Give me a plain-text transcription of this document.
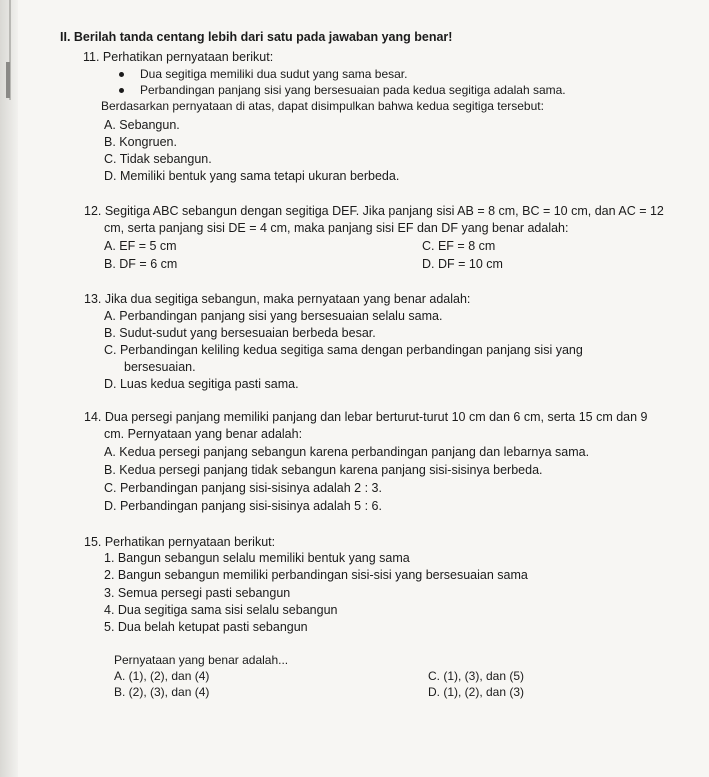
II. Berilah tanda centang lebih dari satu pada jawaban yang benar!
11. Perhatikan pernyataan berikut:
Dua segitiga memiliki dua sudut yang sama besar.
Perbandingan panjang sisi yang bersesuaian pada kedua segitiga adalah sama.
Berdasarkan pernyataan di atas, dapat disimpulkan bahwa kedua segitiga tersebut:
A. Sebangun.
B. Kongruen.
C. Tidak sebangun.
D. Memiliki bentuk yang sama tetapi ukuran berbeda.
12. Segitiga ABC sebangun dengan segitiga DEF. Jika panjang sisi AB = 8 cm, BC = 10 cm, dan AC = 12
cm, serta panjang sisi DE = 4 cm, maka panjang sisi EF dan DF yang benar adalah:
A. EF = 5 cm	C. EF = 8 cm
B. DF = 6 cm	D. DF = 10 cm
13. Jika dua segitiga sebangun, maka pernyataan yang benar adalah:
A. Perbandingan panjang sisi yang bersesuaian selalu sama.
B. Sudut-sudut yang bersesuaian berbeda besar.
C. Perbandingan keliling kedua segitiga sama dengan perbandingan panjang sisi yang
bersesuaian.
D. Luas kedua segitiga pasti sama.
14. Dua persegi panjang memiliki panjang dan lebar berturut-turut 10 cm dan 6 cm, serta 15 cm dan 9
cm. Pernyataan yang benar adalah:
A. Kedua persegi panjang sebangun karena perbandingan panjang dan lebarnya sama.
B. Kedua persegi panjang tidak sebangun karena panjang sisi-sisinya berbeda.
C. Perbandingan panjang sisi-sisinya adalah 2 : 3.
D. Perbandingan panjang sisi-sisinya adalah 5 : 6.
15. Perhatikan pernyataan berikut:
1. Bangun sebangun selalu memiliki bentuk yang sama
2. Bangun sebangun memiliki perbandingan sisi-sisi yang bersesuaian sama
3. Semua persegi pasti sebangun
4. Dua segitiga sama sisi selalu sebangun
5. Dua belah ketupat pasti sebangun
Pernyataan yang benar adalah...
A. (1), (2), dan (4)	C. (1), (3), dan (5)
B. (2), (3), dan (4)	D. (1), (2), dan (3)
